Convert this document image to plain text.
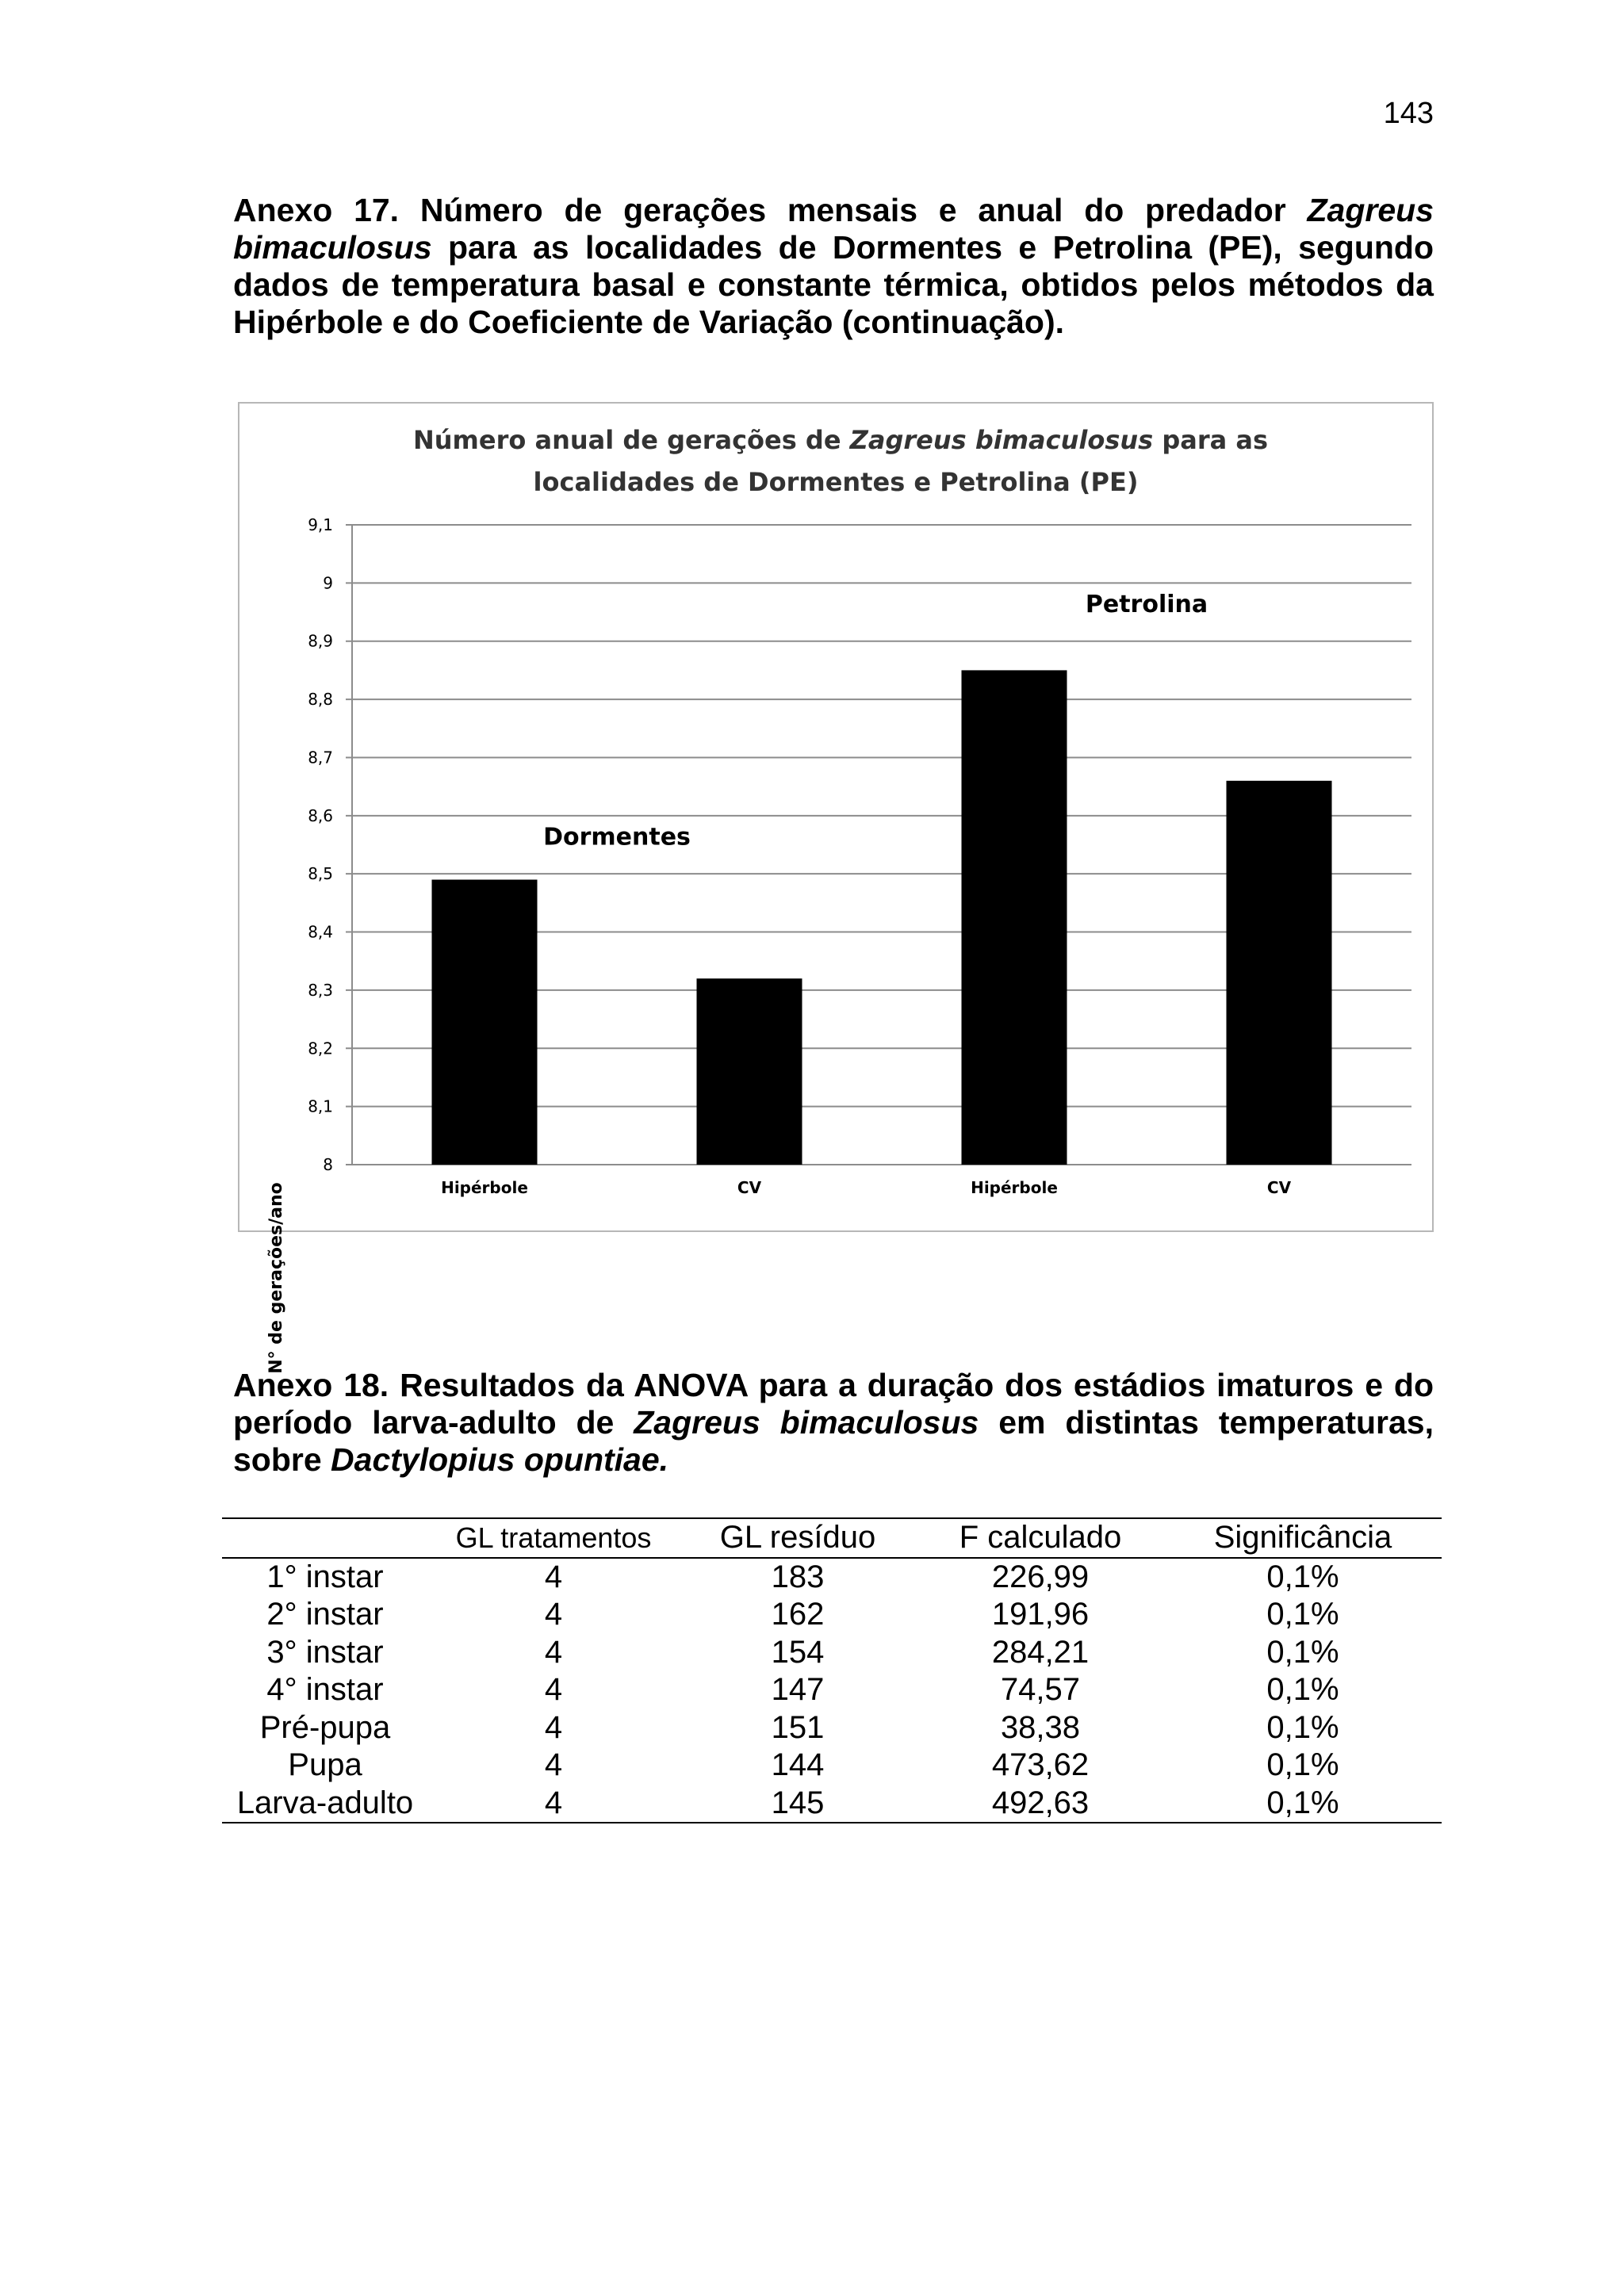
143

Anexo 17. Número de gerações mensais e anual do predador Zagreus bimaculosus para as localidades de Dormentes e Petrolina (PE), segundo dados de temperatura basal e constante térmica, obtidos pelos métodos da Hipérbole e do Coeficiente de Variação (continuação).

Número anual de gerações de Zagreus bimaculosus para as
localidades de Dormentes e Petrolina (PE)
N° de gerações/ano
8
8,1
8,2
8,3
8,4
8,5
8,6
8,7
8,8
8,9
9
9,1
Hipérbole	CV	Hipérbole	CV
Dormentes
Petrolina

Anexo 18. Resultados da ANOVA para a duração dos estádios imaturos e do período larva-adulto de Zagreus bimaculosus em distintas temperaturas, sobre Dactylopius opuntiae.

	GL tratamentos	GL resíduo	F calculado	Significância
1° instar	4	183	226,99	0,1%
2° instar	4	162	191,96	0,1%
3° instar	4	154	284,21	0,1%
4° instar	4	147	74,57	0,1%
Pré-pupa	4	151	38,38	0,1%
Pupa	4	144	473,62	0,1%
Larva-adulto	4	145	492,63	0,1%
